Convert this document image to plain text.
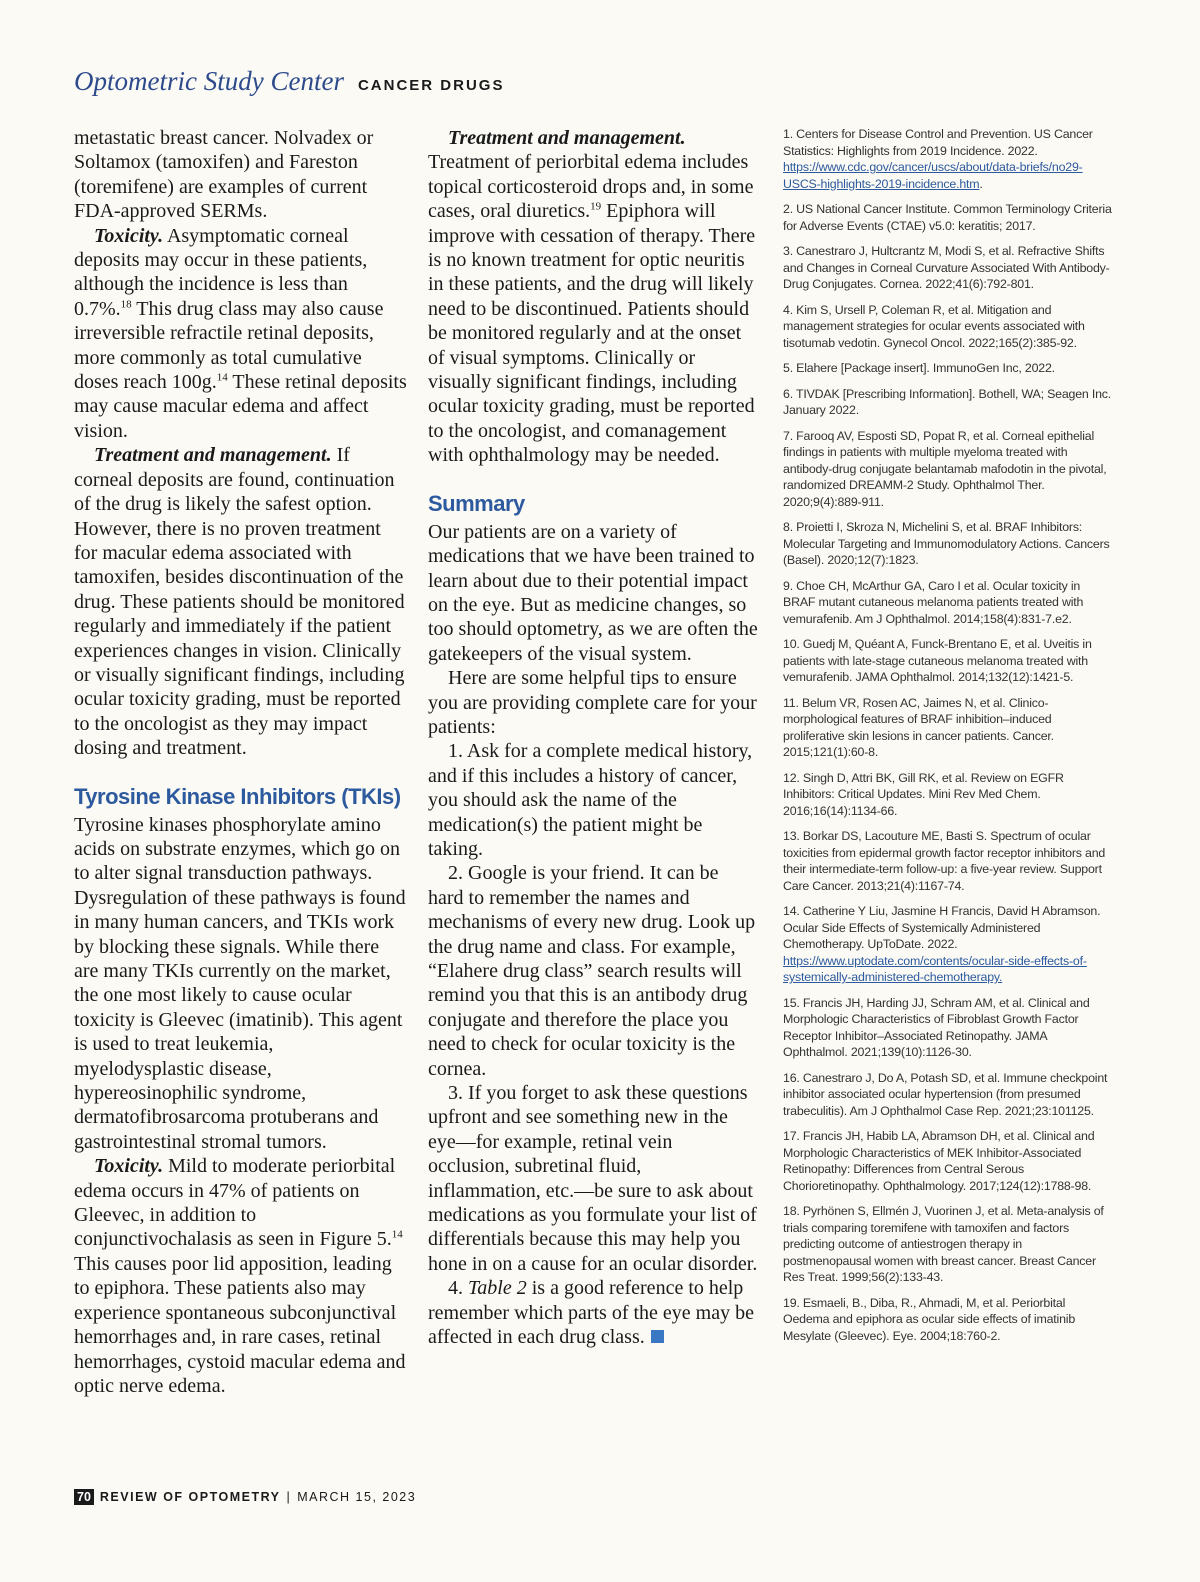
Optometric Study Center CANCER DRUGS

metastatic breast cancer. Nolvadex or Soltamox (tamoxifen) and Fareston (toremifene) are examples of current FDA-approved SERMs.

Toxicity. Asymptomatic corneal deposits may occur in these patients, although the incidence is less than 0.7%.$^{18}$ This drug class may also cause irreversible refractile retinal deposits, more commonly as total cumulative doses reach 100g.$^{14}$ These retinal deposits may cause macular edema and affect vision.

Treatment and management. If corneal deposits are found, continuation of the drug is likely the safest option. However, there is no proven treatment for macular edema associated with tamoxifen, besides discontinuation of the drug. These patients should be monitored regularly and immediately if the patient experiences changes in vision. Clinically or visually significant findings, including ocular toxicity grading, must be reported to the oncologist as they may impact dosing and treatment.

Tyrosine Kinase Inhibitors (TKIs)

Tyrosine kinases phosphorylate amino acids on substrate enzymes, which go on to alter signal transduction pathways. Dysregulation of these pathways is found in many human cancers, and TKIs work by blocking these signals. While there are many TKIs currently on the market, the one most likely to cause ocular toxicity is Gleevec (imatinib). This agent is used to treat leukemia, myelodysplastic disease, hypereosinophilic syndrome, dermatofibrosarcoma protuberans and gastrointestinal stromal tumors.

Toxicity. Mild to moderate periorbital edema occurs in 47% of patients on Gleevec, in addition to conjunctivochalasis as seen in Figure 5.14 This causes poor lid apposition, leading to epiphora. These patients also may experience spontaneous subconjunctival hemorrhages and, in rare cases, retinal hemorrhages, cystoid macular edema and optic nerve edema.

Treatment and management.
Treatment of periorbital edema includes topical corticosteroid drops and, in some cases, oral diuretics.$^{19}$ Epiphora will improve with cessation of therapy. There is no known treatment for optic neuritis in these patients, and the drug will likely need to be discontinued. Patients should be monitored regularly and at the onset of visual symptoms. Clinically or visually significant findings, including ocular toxicity grading, must be reported to the oncologist, and comanagement with ophthalmology may be needed.

Summary

Our patients are on a variety of medications that we have been trained to learn about due to their potential impact on the eye. But as medicine changes, so too should optometry, as we are often the gatekeepers of the visual system.

Here are some helpful tips to ensure you are providing complete care for your patients:

1. Ask for a complete medical history, and if this includes a history of cancer, you should ask the name of the medication(s) the patient might be taking.

2. Google is your friend. It can be hard to remember the names and mechanisms of every new drug. Look up the drug name and class. For example, “Elahere drug class” search results will remind you that this is an antibody drug conjugate and therefore the place you need to check for ocular toxicity is the cornea.

3. If you forget to ask these questions upfront and see something new in the eye—for example, retinal vein occlusion, subretinal fluid, inflammation, etc.—be sure to ask about medications as you formulate your list of differentials because this may help you hone in on a cause for an ocular disorder.

4. Table 2 is a good reference to help remember which parts of the eye may be affected in each drug class.

1. Centers for Disease Control and Prevention. US Cancer Statistics: Highlights from 2019 Incidence. 2022. https://www.cdc.gov/cancer/uscs/about/data-briefs/no29-USCS-highlights-2019-incidence.htm.

2. US National Cancer Institute. Common Terminology Criteria for Adverse Events (CTAE) v5.0: keratitis; 2017.

3. Canestraro J, Hultcrantz M, Modi S, et al. Refractive Shifts and Changes in Corneal Curvature Associated With Antibody-Drug Conjugates. Cornea. 2022;41(6):792-801.

4. Kim S, Ursell P, Coleman R, et al. Mitigation and management strategies for ocular events associated with tisotumab vedotin. Gynecol Oncol. 2022;165(2):385-92.

5. Elahere [Package insert]. ImmunoGen Inc, 2022.

6. TIVDAK [Prescribing Information]. Bothell, WA; Seagen Inc. January 2022.

7. Farooq AV, Esposti SD, Popat R, et al. Corneal epithelial findings in patients with multiple myeloma treated with antibody-drug conjugate belantamab mafodotin in the pivotal, randomized DREAMM-2 Study. Ophthalmol Ther. 2020;9(4):889-911.

8. Proietti I, Skroza N, Michelini S, et al. BRAF Inhibitors: Molecular Targeting and Immunomodulatory Actions. Cancers (Basel). 2020;12(7):1823.

9. Choe CH, McArthur GA, Caro I et al. Ocular toxicity in BRAF mutant cutaneous melanoma patients treated with vemurafenib. Am J Ophthalmol. 2014;158(4):831-7.e2.

10. Guedj M, Quéant A, Funck-Brentano E, et al. Uveitis in patients with late-stage cutaneous melanoma treated with vemurafenib. JAMA Ophthalmol. 2014;132(12):1421-5.

11. Belum VR, Rosen AC, Jaimes N, et al. Clinico-morphological features of BRAF inhibition–induced proliferative skin lesions in cancer patients. Cancer. 2015;121(1):60-8.

12. Singh D, Attri BK, Gill RK, et al. Review on EGFR Inhibitors: Critical Updates. Mini Rev Med Chem. 2016;16(14):1134-66.

13. Borkar DS, Lacouture ME, Basti S. Spectrum of ocular toxicities from epidermal growth factor receptor inhibitors and their intermediate-term follow-up: a five-year review. Support Care Cancer. 2013;21(4):1167-74.

14. Catherine Y Liu, Jasmine H Francis, David H Abramson. Ocular Side Effects of Systemically Administered Chemotherapy. UpToDate. 2022. https://www.uptodate.com/contents/ocular-side-effects-of-systemically-administered-chemotherapy.

15. Francis JH, Harding JJ, Schram AM, et al. Clinical and Morphologic Characteristics of Fibroblast Growth Factor Receptor Inhibitor–Associated Retinopathy. JAMA Ophthalmol. 2021;139(10):1126-30.

16. Canestraro J, Do A, Potash SD, et al. Immune checkpoint inhibitor associated ocular hypertension (from presumed trabeculitis). Am J Ophthalmol Case Rep. 2021;23:101125.

17. Francis JH, Habib LA, Abramson DH, et al. Clinical and Morphologic Characteristics of MEK Inhibitor-Associated Retinopathy: Differences from Central Serous Chorioretinopathy. Ophthalmology. 2017;124(12):1788-98.

18. Pyrhönen S, Ellmén J, Vuorinen J, et al. Meta-analysis of trials comparing toremifene with tamoxifen and factors predicting outcome of antiestrogen therapy in postmenopausal women with breast cancer. Breast Cancer Res Treat. 1999;56(2):133-43.

19. Esmaeli, B., Diba, R., Ahmadi, M, et al. Periorbital Oedema and epiphora as ocular side effects of imatinib Mesylate (Gleevec). Eye. 2004;18:760-2.

70 REVIEW OF OPTOMETRY | MARCH 15, 2023
